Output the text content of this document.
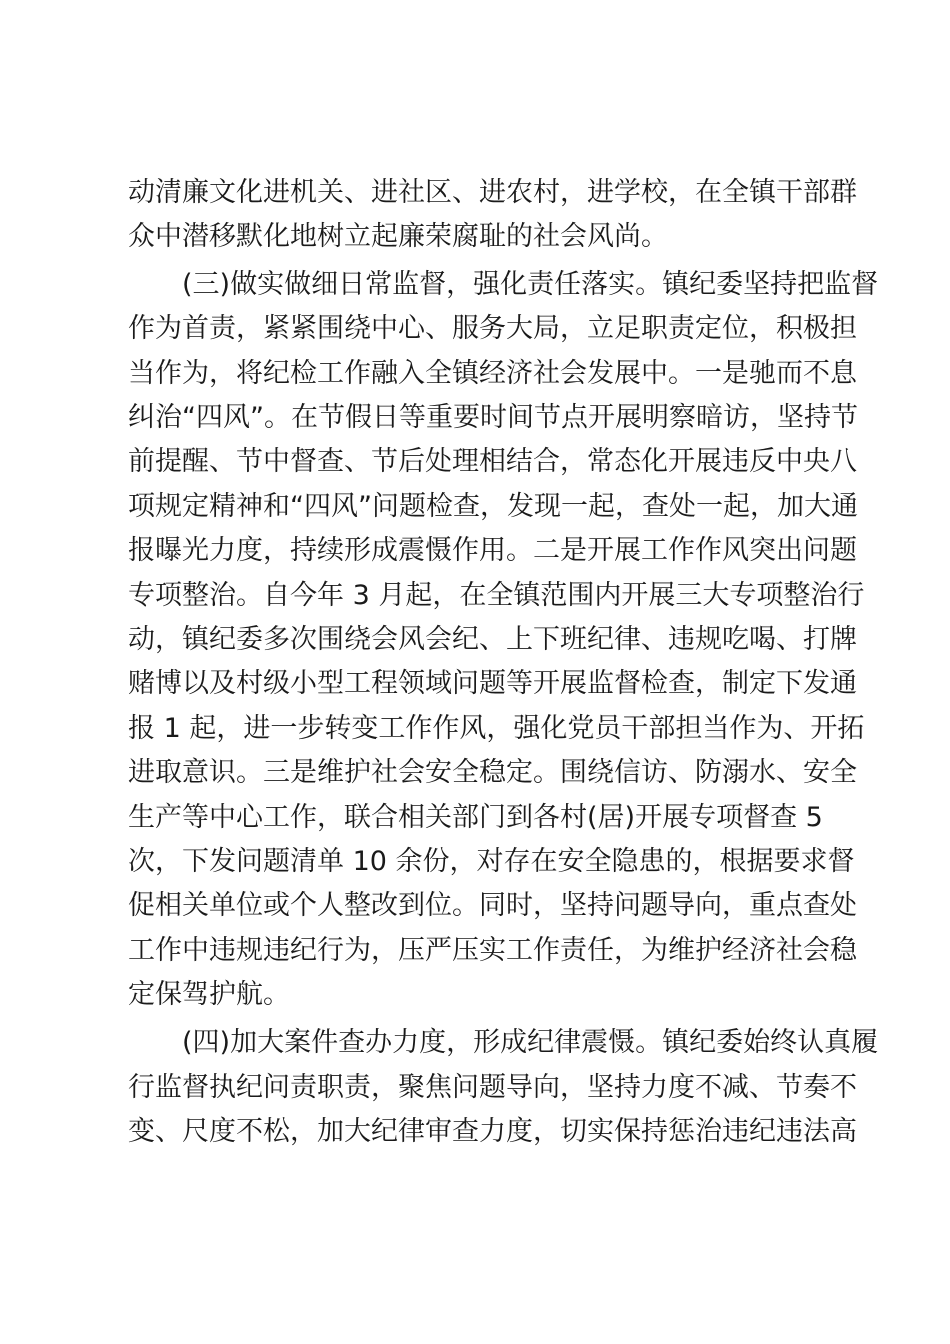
动清廉文化进机关、进社区、进农村，进学校，在全镇干部群
众中潜移默化地树立起廉荣腐耻的社会风尚。
(三)做实做细日常监督，强化责任落实。镇纪委坚持把监督
作为首责，紧紧围绕中心、服务大局，立足职责定位，积极担
当作为，将纪检工作融入全镇经济社会发展中。一是驰而不息
纠治“四风”。在节假日等重要时间节点开展明察暗访，坚持节
前提醒、节中督查、节后处理相结合，常态化开展违反中央八
项规定精神和“四风”问题检查，发现一起，查处一起，加大通
报曝光力度，持续形成震慑作用。二是开展工作作风突出问题
专项整治。自今年 3 月起，在全镇范围内开展三大专项整治行
动，镇纪委多次围绕会风会纪、上下班纪律、违规吃喝、打牌
赌博以及村级小型工程领域问题等开展监督检查，制定下发通
报 1 起，进一步转变工作作风，强化党员干部担当作为、开拓
进取意识。三是维护社会安全稳定。围绕信访、防溺水、安全
生产等中心工作，联合相关部门到各村(居)开展专项督查 5
次，下发问题清单 10 余份，对存在安全隐患的，根据要求督
促相关单位或个人整改到位。同时，坚持问题导向，重点查处
工作中违规违纪行为，压严压实工作责任，为维护经济社会稳
定保驾护航。
(四)加大案件查办力度，形成纪律震慑。镇纪委始终认真履
行监督执纪问责职责，聚焦问题导向，坚持力度不减、节奏不
变、尺度不松，加大纪律审查力度，切实保持惩治违纪违法高
